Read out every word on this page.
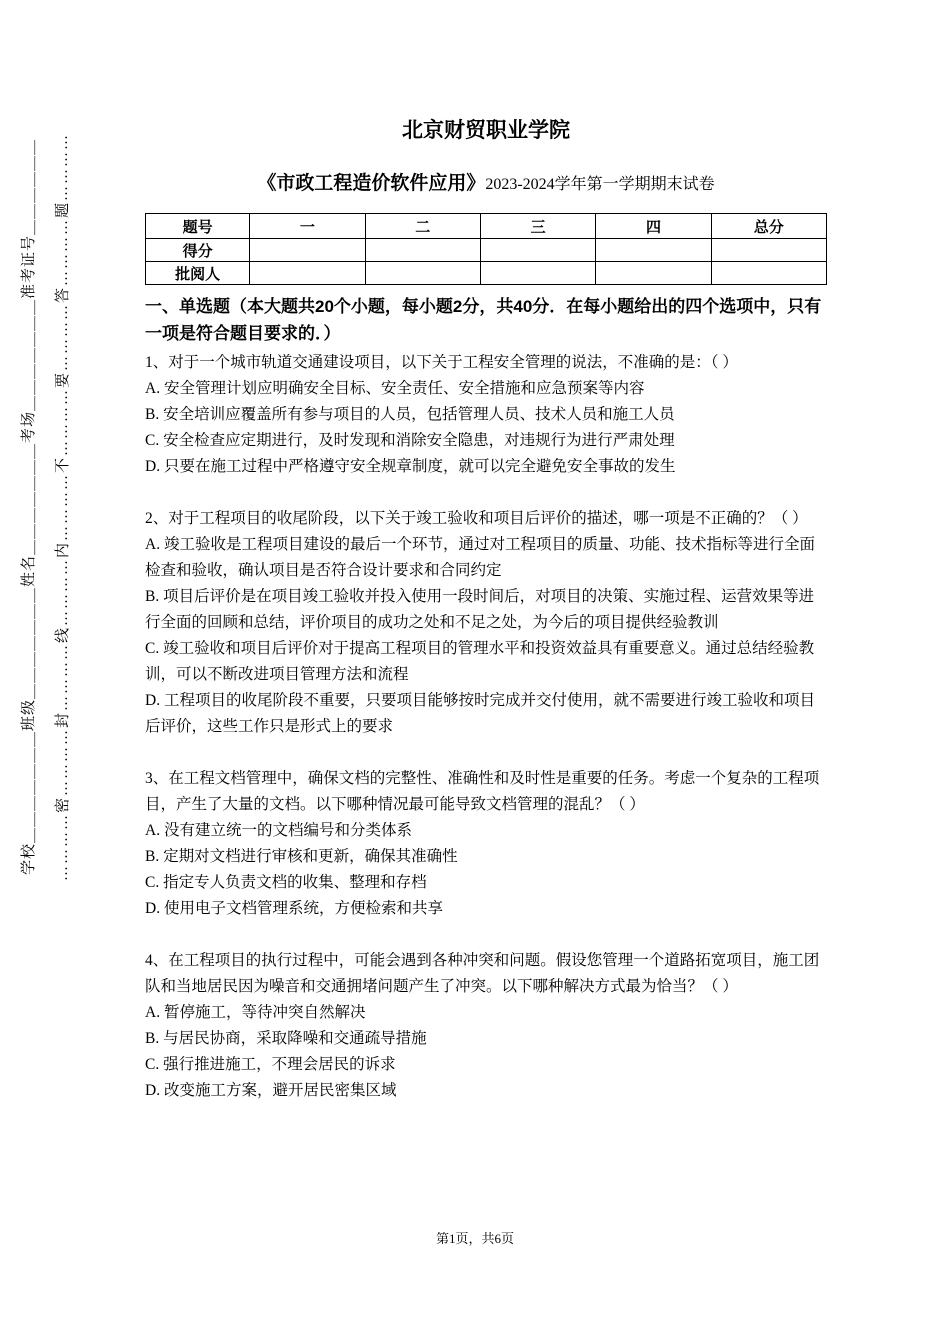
学校＿＿＿＿＿＿＿班级＿＿＿＿＿＿＿姓名＿＿＿＿＿＿＿考场＿＿＿＿＿＿＿准考证号＿＿＿＿＿＿	…………密…………封…………线…………内…………不…………要…………答…………题…………
北京财贸职业学院
《市政工程造价软件应用》2023-2024学年第一学期期末试卷
题号	一	二	三	四	总分
得分					
批阅人					
一、单选题（本大题共20个小题，每小题2分，共40分．在每小题给出的四个选项中，只有一项是符合题目要求的．）
1、对于一个城市轨道交通建设项目，以下关于工程安全管理的说法，不准确的是：（ ）
A. 安全管理计划应明确安全目标、安全责任、安全措施和应急预案等内容
B. 安全培训应覆盖所有参与项目的人员，包括管理人员、技术人员和施工人员
C. 安全检查应定期进行，及时发现和消除安全隐患，对违规行为进行严肃处理
D. 只要在施工过程中严格遵守安全规章制度，就可以完全避免安全事故的发生
2、对于工程项目的收尾阶段，以下关于竣工验收和项目后评价的描述，哪一项是不正确的？（ ）
A. 竣工验收是工程项目建设的最后一个环节，通过对工程项目的质量、功能、技术指标等进行全面检查和验收，确认项目是否符合设计要求和合同约定
B. 项目后评价是在项目竣工验收并投入使用一段时间后，对项目的决策、实施过程、运营效果等进行全面的回顾和总结，评价项目的成功之处和不足之处，为今后的项目提供经验教训
C. 竣工验收和项目后评价对于提高工程项目的管理水平和投资效益具有重要意义。通过总结经验教训，可以不断改进项目管理方法和流程
D. 工程项目的收尾阶段不重要，只要项目能够按时完成并交付使用，就不需要进行竣工验收和项目后评价，这些工作只是形式上的要求
3、在工程文档管理中，确保文档的完整性、准确性和及时性是重要的任务。考虑一个复杂的工程项目，产生了大量的文档。以下哪种情况最可能导致文档管理的混乱？（ ）
A. 没有建立统一的文档编号和分类体系
B. 定期对文档进行审核和更新，确保其准确性
C. 指定专人负责文档的收集、整理和存档
D. 使用电子文档管理系统，方便检索和共享
4、在工程项目的执行过程中，可能会遇到各种冲突和问题。假设您管理一个道路拓宽项目，施工团队和当地居民因为噪音和交通拥堵问题产生了冲突。以下哪种解决方式最为恰当？（ ）
A. 暂停施工，等待冲突自然解决
B. 与居民协商，采取降噪和交通疏导措施
C. 强行推进施工，不理会居民的诉求
D. 改变施工方案，避开居民密集区域
第1页，共6页
